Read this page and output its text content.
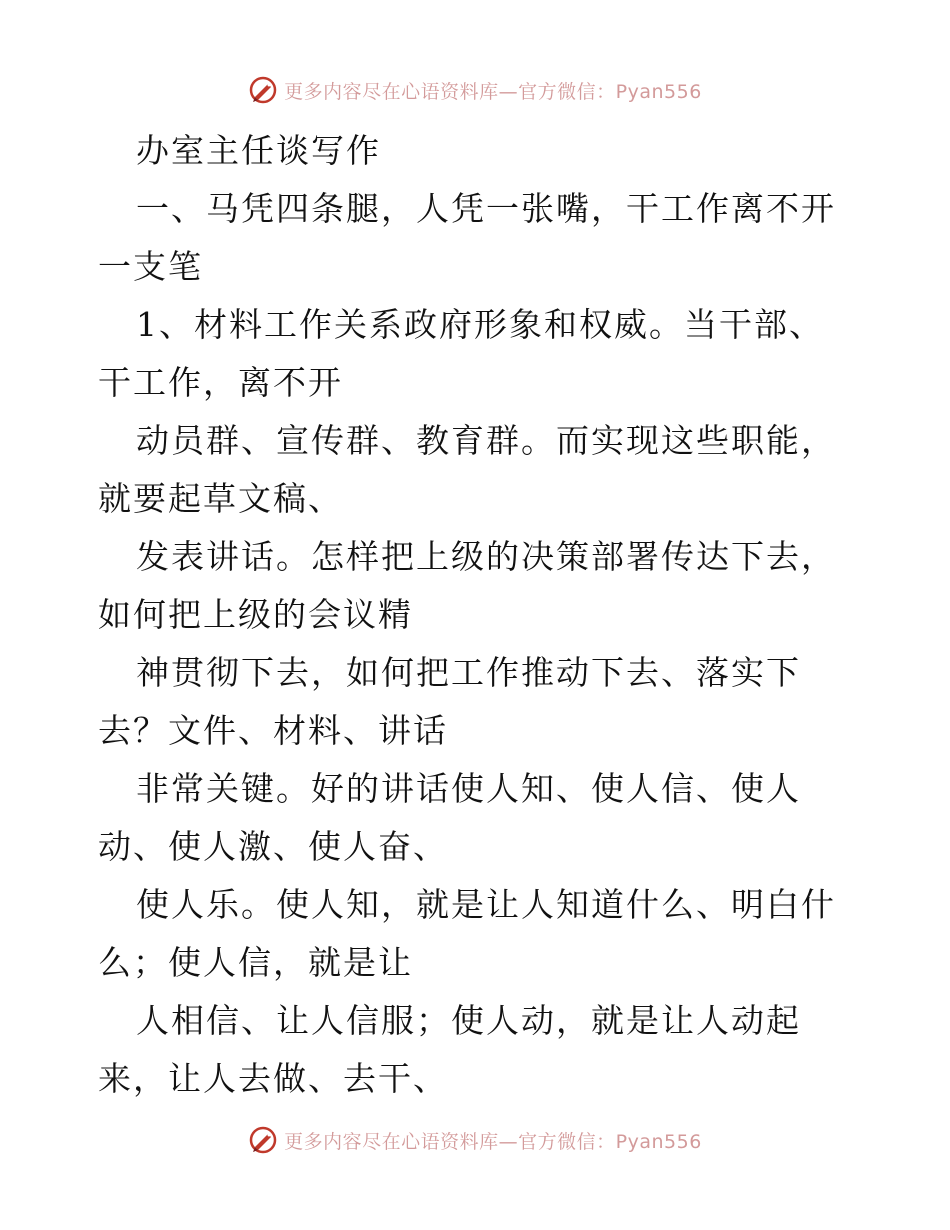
更多内容尽在心语资料库—官方微信：Pyan556

办室主任谈写作

一、马凭四条腿，人凭一张嘴，干工作离不开一支笔

1、材料工作关系政府形象和权威。当干部、干工作，离不开

动员群、宣传群、教育群。而实现这些职能，就要起草文稿、

发表讲话。怎样把上级的决策部署传达下去，如何把上级的会议精

神贯彻下去，如何把工作推动下去、落实下去？文件、材料、讲话

非常关键。好的讲话使人知、使人信、使人动、使人激、使人奋、

使人乐。使人知，就是让人知道什么、明白什么；使人信，就是让

人相信、让人信服；使人动，就是让人动起来，让人去做、去干、

更多内容尽在心语资料库—官方微信：Pyan556
